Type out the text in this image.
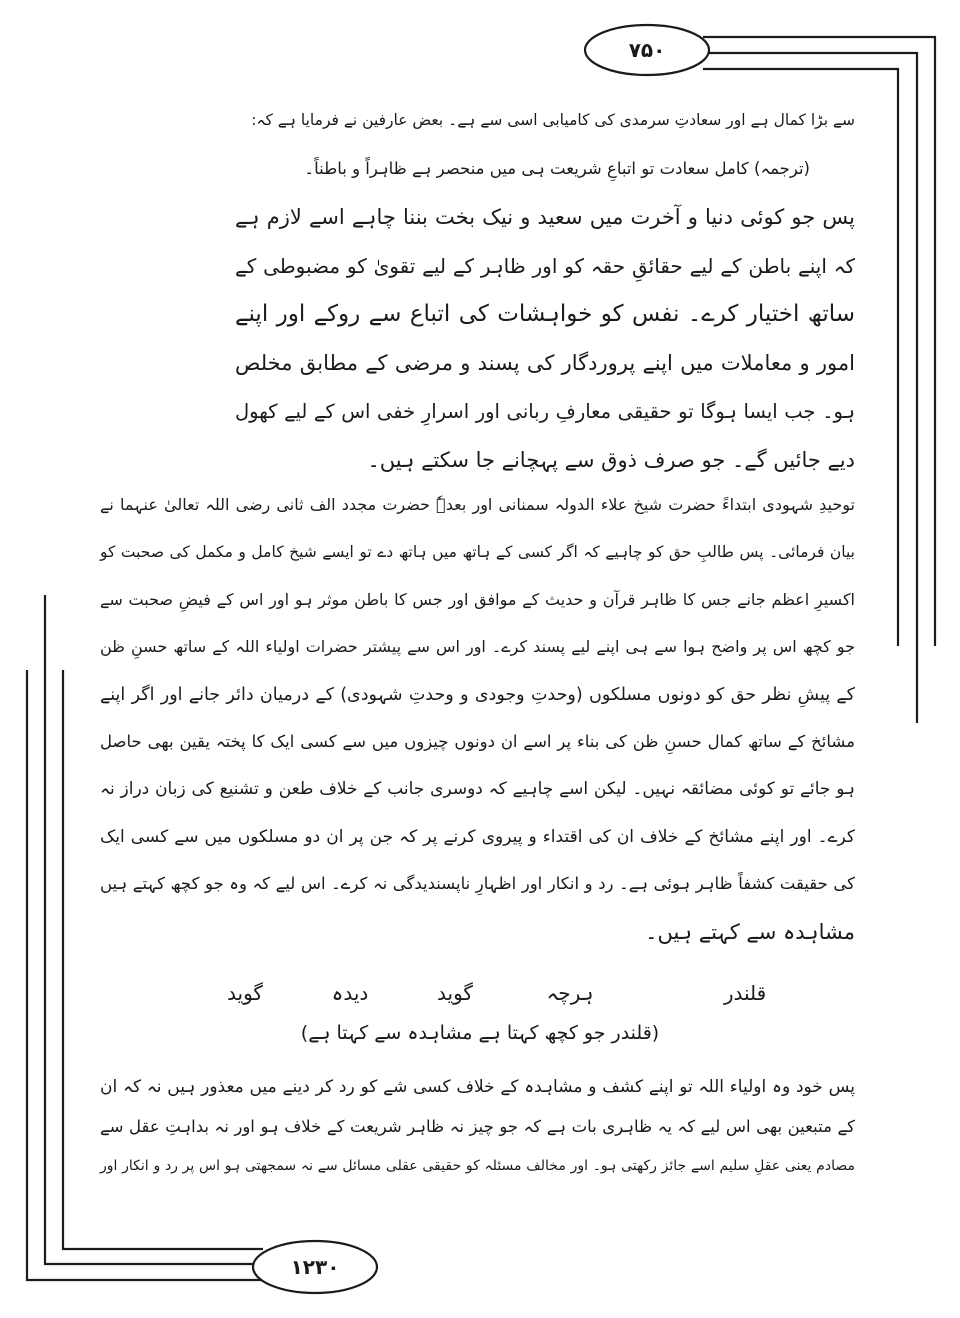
۷۵۰
۱۲۳۰
سے بڑا کمال ہے اور سعادتِ سرمدی کی کامیابی اسی سے ہے۔ بعض عارفین نے فرمایا ہے کہ:
(ترجمہ) کامل سعادت تو اتباعِ شریعت ہی میں منحصر ہے ظاہراً و باطناً۔
پس جو کوئی دنیا و آخرت میں سعید و نیک بخت بننا چاہے اسے لازم ہے
کہ اپنے باطن کے لیے حقائقِ حقہ کو اور ظاہر کے لیے تقویٰ کو مضبوطی کے
ساتھ اختیار کرے۔ نفس کو خواہشات کی اتباع سے روکے اور اپنے
امور و معاملات میں اپنے پروردگار کی پسند و مرضی کے مطابق مخلص
ہو۔ جب ایسا ہوگا تو حقیقی معارفِ ربانی اور اسرارِ خفی اس کے لیے کھول
دیے جائیں گے۔ جو صرف ذوق سے پہچانے جا سکتے ہیں۔
توحیدِ شہودی ابتداءً حضرت شیخ علاء الدولہ سمنانی اور بعدہٗ حضرت مجدد الف ثانی رضی اللہ تعالیٰ عنہما نے
بیان فرمائی۔ پس طالبِ حق کو چاہیے کہ اگر کسی کے ہاتھ میں ہاتھ دے تو ایسے شیخ کامل و مکمل کی صحبت کو
اکسیرِ اعظم جانے جس کا ظاہر قرآن و حدیث کے موافق اور جس کا باطن موثر ہو اور اس کے فیضِ صحبت سے
جو کچھ اس پر واضح ہوا سے ہی اپنے لیے پسند کرے۔ اور اس سے پیشتر حضرات اولیاء اللہ کے ساتھ حسنِ ظن
کے پیشِ نظر حق کو دونوں مسلکوں (وحدتِ وجودی و وحدتِ شہودی) کے درمیان دائر جانے اور اگر اپنے
مشائخ کے ساتھ کمال حسنِ ظن کی بناء پر اسے ان دونوں چیزوں میں سے کسی ایک کا پختہ یقین بھی حاصل
ہو جائے تو کوئی مضائقہ نہیں۔ لیکن اسے چاہیے کہ دوسری جانب کے خلاف طعن و تشنیع کی زبان دراز نہ
کرے۔ اور اپنے مشائخ کے خلاف ان کی اقتداء و پیروی کرنے پر کہ جن پر ان دو مسلکوں میں سے کسی ایک
کی حقیقت کشفاً ظاہر ہوئی ہے۔ رد و انکار اور اظہارِ ناپسندیدگی نہ کرے۔ اس لیے کہ وہ جو کچھ کہتے ہیں
مشاہدہ سے کہتے ہیں۔
پس خود وہ اولیاء اللہ تو اپنے کشف و مشاہدہ کے خلاف کسی شے کو رد کر دینے میں معذور ہیں نہ کہ ان
کے متبعین بھی اس لیے کہ یہ ظاہری بات ہے کہ جو چیز نہ ظاہر شریعت کے خلاف ہو اور نہ بداہتِ عقل سے
مصادم یعنی عقلِ سلیم اسے جائز رکھتی ہو۔ اور مخالف مسئلہ کو حقیقی عقلی مسائل سے نہ سمجھتی ہو اس پر رد و انکار اور
قلندر
ہرچہ
گوید
دیدہ
گوید
(قلندر جو کچھ کہتا ہے مشاہدہ سے کہتا ہے)
